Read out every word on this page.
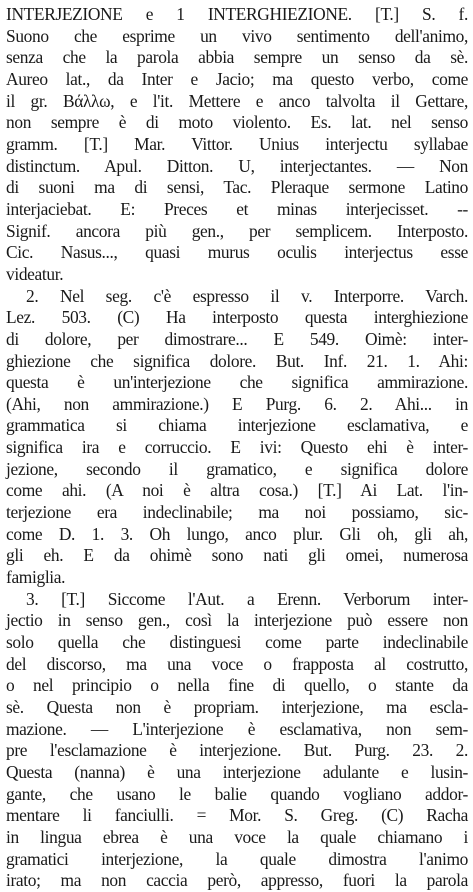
INTERJEZIONE e 1 INTERGHIEZIONE. [T.] S. f.
Suono che esprime un vivo sentimento dell'animo,
senza che la parola abbia sempre un senso da sè.
Aureo lat., da Inter e Jacio; ma questo verbo, come
il gr. Βάλλω, e l'it. Mettere e anco talvolta il Gettare,
non sempre è di moto violento. Es. lat. nel senso
gramm. [T.] Mar. Vittor. Unius interjectu syllabae
distinctum. Apul. Ditton. U, interjectantes. — Non
di suoni ma di sensi, Tac. Pleraque sermone Latino
interjaciebat. E: Preces et minas interjecisset. --
Signif. ancora più gen., per semplicem. Interposto.
Cic. Nasus..., quasi murus oculis interjectus esse
videatur.
2. Nel seg. c'è espresso il v. Interporre. Varch.
Lez. 503. (C) Ha interposto questa interghiezione
di dolore, per dimostrare... E 549. Oimè: inter-
ghiezione che significa dolore. But. Inf. 21. 1. Ahi:
questa è un'interjezione che significa ammirazione.
(Ahi, non ammirazione.) E Purg. 6. 2. Ahi... in
grammatica si chiama interjezione esclamativa, e
significa ira e corruccio. E ivi: Questo ehi è inter-
jezione, secondo il gramatico, e significa dolore
come ahi. (A noi è altra cosa.) [T.] Ai Lat. l'in-
terjezione era indeclinabile; ma noi possiamo, sic-
come D. 1. 3. Oh lungo, anco plur. Gli oh, gli ah,
gli eh. E da ohimè sono nati gli omei, numerosa
famiglia.
3. [T.] Siccome l'Aut. a Erenn. Verborum inter-
jectio in senso gen., così la interjezione può essere non
solo quella che distinguesi come parte indeclinabile
del discorso, ma una voce o frapposta al costrutto,
o nel principio o nella fine di quello, o stante da
sè. Questa non è propriam. interjezione, ma escla-
mazione. — L'interjezione è esclamativa, non sem-
pre l'esclamazione è interjezione. But. Purg. 23. 2.
Questa (nanna) è una interjezione adulante e lusin-
gante, che usano le balie quando vogliano addor-
mentare li fanciulli. = Mor. S. Greg. (C) Racha
in lingua ebrea è una voce la quale chiamano i
gramatici interjezione, la quale dimostra l'animo
irato; ma non caccia però, appresso, fuori la parola
